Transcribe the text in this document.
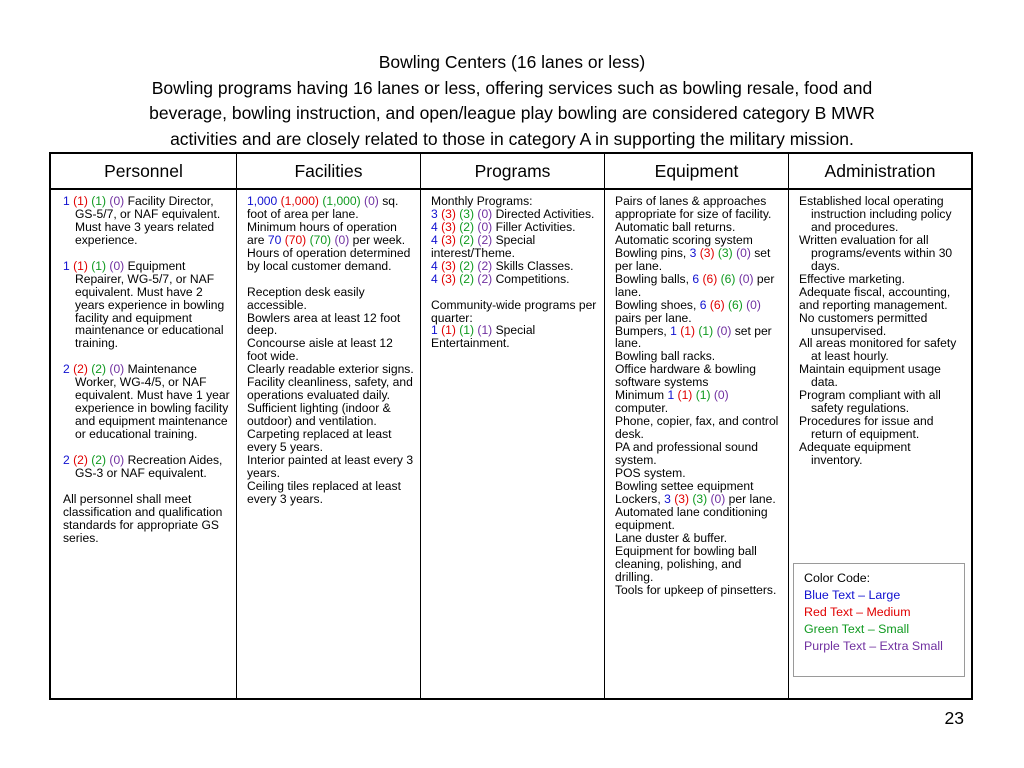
Bowling Centers (16 lanes or less)
Bowling programs having 16 lanes or less, offering services such as bowling resale, food and
beverage, bowling instruction, and open/league play bowling are considered category B MWR
activities and are closely related to those in category A in supporting the military mission.
Personnel

1 (1) (1) (0) Facility Director, GS-5/7, or NAF equivalent. Must have 3 years related experience.

1 (1) (1) (0) Equipment Repairer, WG-5/7, or NAF equivalent. Must have 2 years experience in bowling facility and equipment maintenance or educational training.

2 (2) (2) (0) Maintenance Worker, WG-4/5, or NAF equivalent. Must have 1 year experience in bowling facility and equipment maintenance or educational training.

2 (2) (2) (0) Recreation Aides, GS-3 or NAF equivalent.

All personnel shall meet classification and qualification standards for appropriate GS series.

Facilities

1,000 (1,000) (1,000) (0) sq. foot of area per lane.

Minimum hours of operation are 70 (70) (70) (0) per week. Hours of operation determined by local customer demand.

Reception desk easily accessible.

Bowlers area at least 12 foot deep.

Concourse aisle at least 12 foot wide.

Clearly readable exterior signs.

Facility cleanliness, safety, and operations evaluated daily.

Sufficient lighting (indoor & outdoor) and ventilation.

Carpeting replaced at least every 5 years.

Interior painted at least every 3 years.

Ceiling tiles replaced at least every 3 years.

Programs

Monthly Programs:

3 (3) (3) (0) Directed Activities.

4 (3) (2) (0) Filler Activities.

4 (3) (2) (2) Special interest/Theme.

4 (3) (2) (2) Skills Classes.

4 (3) (2) (2) Competitions.

Community-wide programs per quarter:

1 (1) (1) (1) Special Entertainment.

Equipment

Pairs of lanes & approaches appropriate for size of facility.

Automatic ball returns.

Automatic scoring system

Bowling pins, 3 (3) (3) (0) set per lane.

Bowling balls, 6 (6) (6) (0) per lane.

Bowling shoes, 6 (6) (6) (0) pairs per lane.

Bumpers, 1 (1) (1) (0) set per lane.

Bowling ball racks.

Office hardware & bowling software systems

Minimum 1 (1) (1) (0) computer.

Phone, copier, fax, and control desk.

PA and professional sound system.

POS system.

Bowling settee equipment

Lockers, 3 (3) (3) (0) per lane.

Automated lane conditioning equipment.

Lane duster & buffer.

Equipment for bowling ball cleaning, polishing, and drilling.

Tools for upkeep of pinsetters.

Administration

Established local operating instruction including policy and procedures.

Written evaluation for all programs/events within 30 days.

Effective marketing.

Adequate fiscal, accounting, and reporting management.

No customers permitted unsupervised.

All areas monitored for safety at least hourly.

Maintain equipment usage data.

Program compliant with all safety regulations.

Procedures for issue and return of equipment.

Adequate equipment inventory.

Color Code:
Blue Text – Large
Red Text – Medium
Green Text – Small
Purple Text – Extra Small
23
